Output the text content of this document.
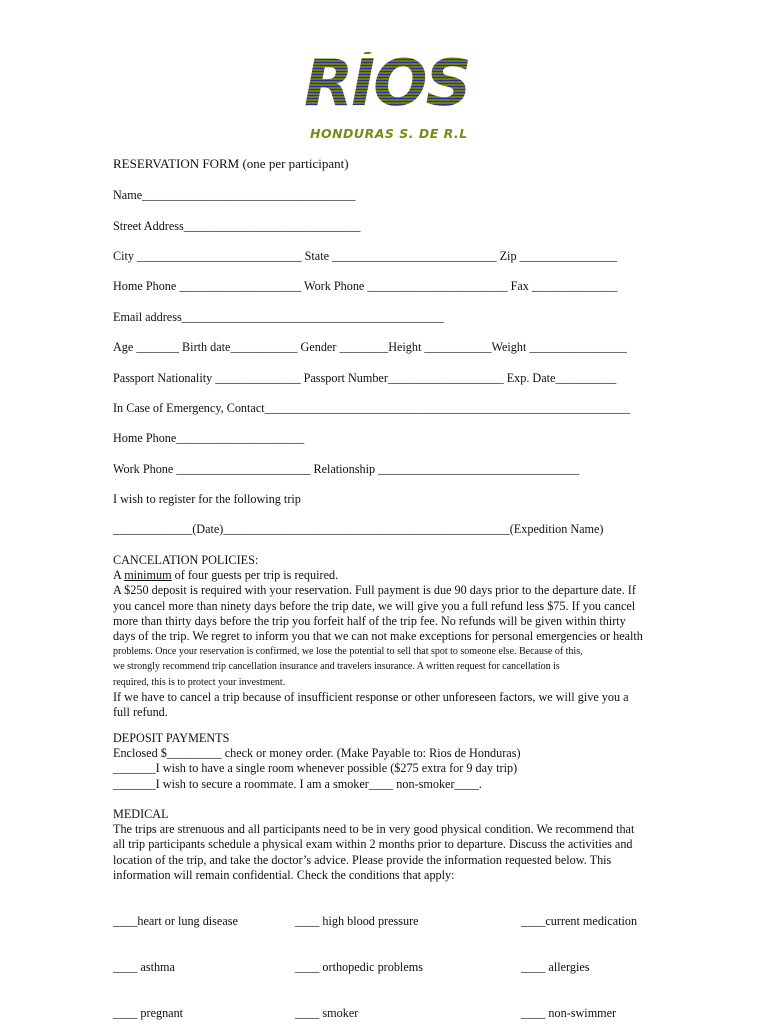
RÍOS
HONDURAS S. DE R.L
RESERVATION FORM (one per participant)
Name___________________________________
Street Address_____________________________
City ___________________________ State ___________________________ Zip ________________
Home Phone ____________________ Work Phone _______________________ Fax ______________
Email address___________________________________________
Age _______ Birth date___________ Gender ________Height ___________Weight ________________
Passport Nationality ______________ Passport Number___________________ Exp. Date__________
In Case of Emergency, Contact____________________________________________________________
Home Phone_____________________
Work Phone ______________________ Relationship _________________________________
I wish to register for the following trip
_____________(Date)_______________________________________________(Expedition Name)
CANCELATION POLICIES:
A minimum of four guests per trip is required.
A $250 deposit is required with your reservation. Full payment is due 90 days prior to the departure date. If
you cancel more than ninety days before the trip date, we will give you a full refund less $75. If you cancel
more than thirty days before the trip you forfeit half of the trip fee. No refunds will be given within thirty
days of the trip. We regret to inform you that we can not make exceptions for personal emergencies or health
problems. Once your reservation is confirmed, we lose the potential to sell that spot to someone else. Because of this,
we strongly recommend trip cancellation insurance and travelers insurance. A written request for cancellation is
required, this is to protect your investment.
If we have to cancel a trip because of insufficient response or other unforeseen factors, we will give you a
full refund.
DEPOSIT PAYMENTS
Enclosed $_________ check or money order. (Make Payable to: Rios de Honduras)
_______I wish to have a single room whenever possible ($275 extra for 9 day trip)
_______I wish to secure a roommate. I am a smoker____ non-smoker____.
MEDICAL
The trips are strenuous and all participants need to be in very good physical condition. We recommend that
all trip participants schedule a physical exam within 2 months prior to departure. Discuss the activities and
location of the trip, and take the doctor’s advice. Please provide the information requested below. This
information will remain confidential. Check the conditions that apply:

____heart or lung disease

____ asthma

____ pregnant

____ high blood pressure

____ orthopedic problems

____ smoker

____current medication

____ allergies

____ non-swimmer
